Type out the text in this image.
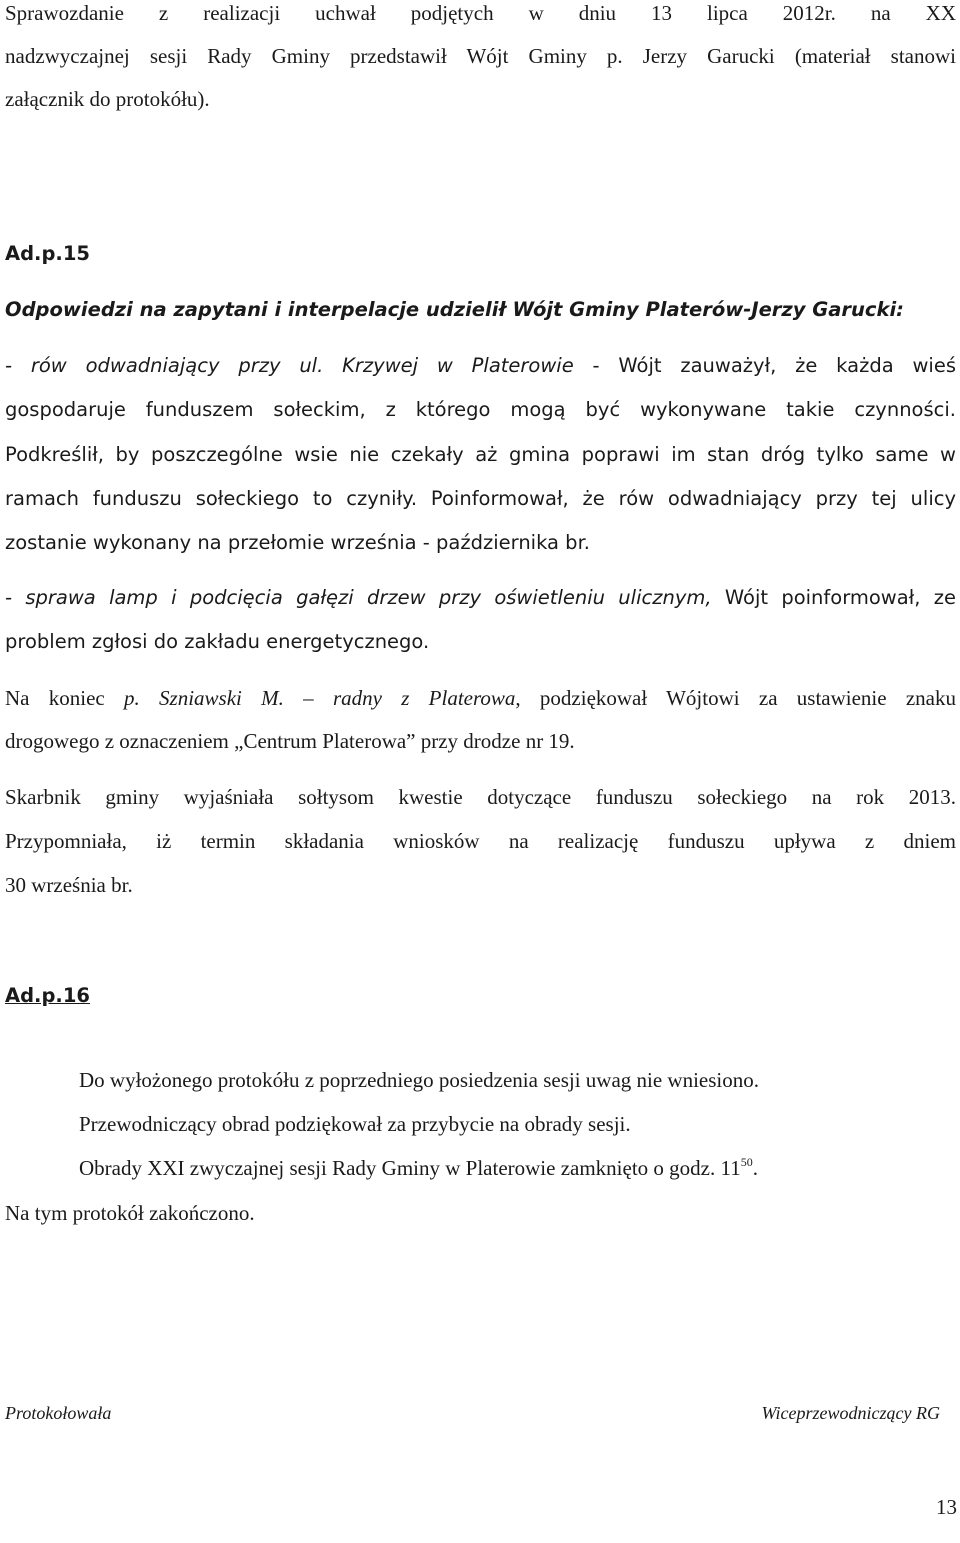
Sprawozdanie z realizacji uchwał podjętych w dniu 13 lipca 2012r. na XX
nadzwyczajnej sesji Rady Gminy przedstawił Wójt Gminy p. Jerzy Garucki (materiał stanowi
załącznik do protokółu).
Ad.p.15
Odpowiedzi na zapytani i interpelacje udzielił Wójt Gminy Platerów-Jerzy Garucki:
- rów odwadniający przy ul. Krzywej w Platerowie - Wójt zauważył, że każda wieś
gospodaruje funduszem sołeckim, z którego mogą być wykonywane takie czynności.
Podkreślił, by poszczególne wsie nie czekały aż gmina poprawi im stan dróg tylko same w
ramach funduszu sołeckiego to czyniły. Poinformował, że rów odwadniający przy tej ulicy
zostanie wykonany na przełomie września - października br.
- sprawa lamp i podcięcia gałęzi drzew przy oświetleniu ulicznym, Wójt poinformował, ze
problem zgłosi do zakładu energetycznego.
Na koniec p. Szniawski M. – radny z Platerowa, podziękował Wójtowi za ustawienie znaku
drogowego z oznaczeniem „Centrum Platerowa” przy drodze nr 19.
Skarbnik gminy wyjaśniała sołtysom kwestie dotyczące funduszu sołeckiego na rok 2013.
Przypomniała, iż termin składania wniosków na realizację funduszu upływa z dniem
30 września br.
Ad.p.16
Do wyłożonego protokółu z poprzedniego posiedzenia sesji uwag nie wniesiono.
Przewodniczący obrad podziękował za przybycie na obrady sesji.
Obrady XXI zwyczajnej sesji Rady Gminy w Platerowie zamknięto o godz. $11^{50}$.
Na tym protokół zakończono.
Protokołowała	Wiceprzewodniczący RG
13
